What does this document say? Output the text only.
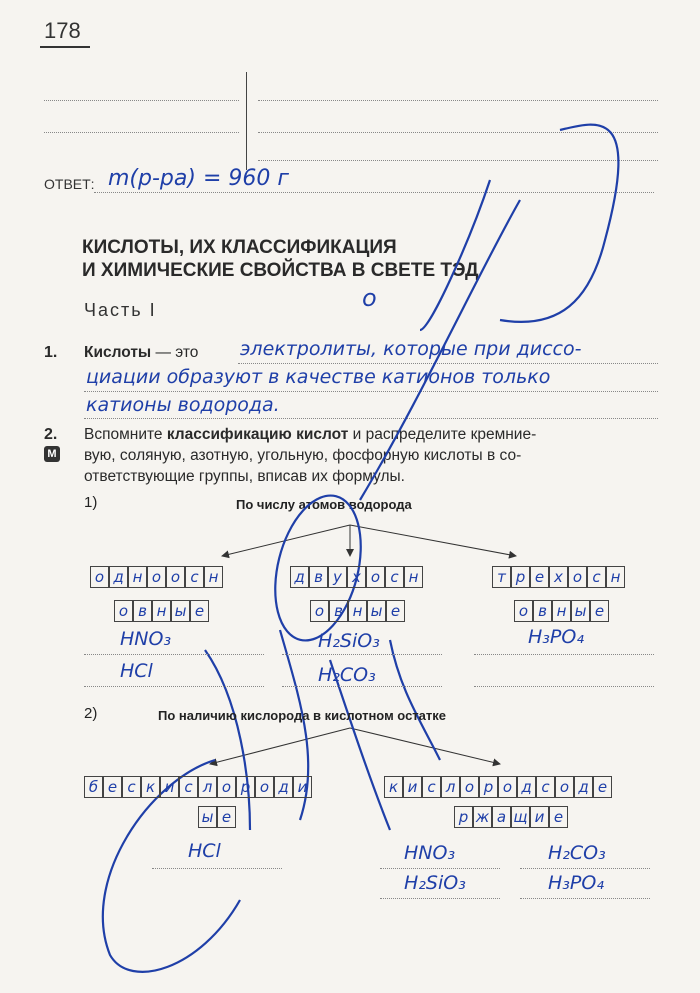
178
ОТВЕТ: m(р-ра) = 960 г
КИСЛОТЫ, ИХ КЛАССИФИКАЦИЯ
И ХИМИЧЕСКИЕ СВОЙСТВА В СВЕТЕ ТЭД
Часть I
1. Кислоты — это электролиты, которые при диссо-
циации образуют в качестве катионов только
катионы водорода.
2.
М
Вспомните классификацию кислот и распределите кремние-
вую, соляную, азотную, угольную, фосфорную кислоты в со-
ответствующие группы, вписав их формулы.
1)	По числу атомов водорода
о
о д н о о с н
о в н ы е
д в у х о с н
о в н ы е
т р е х о с н
о в н ы е
2)	По наличию кислорода в кислотном остатке
б е с к и с л о р о д и
ы е
к и с л о р о д с о д е
р ж а щ и е
HNO₃
HCl
H₂SiO₃
H₂CO₃
H₃PO₄
HCl	HNO₃	H₂CO₃
H₂SiO₃	H₃PO₄
